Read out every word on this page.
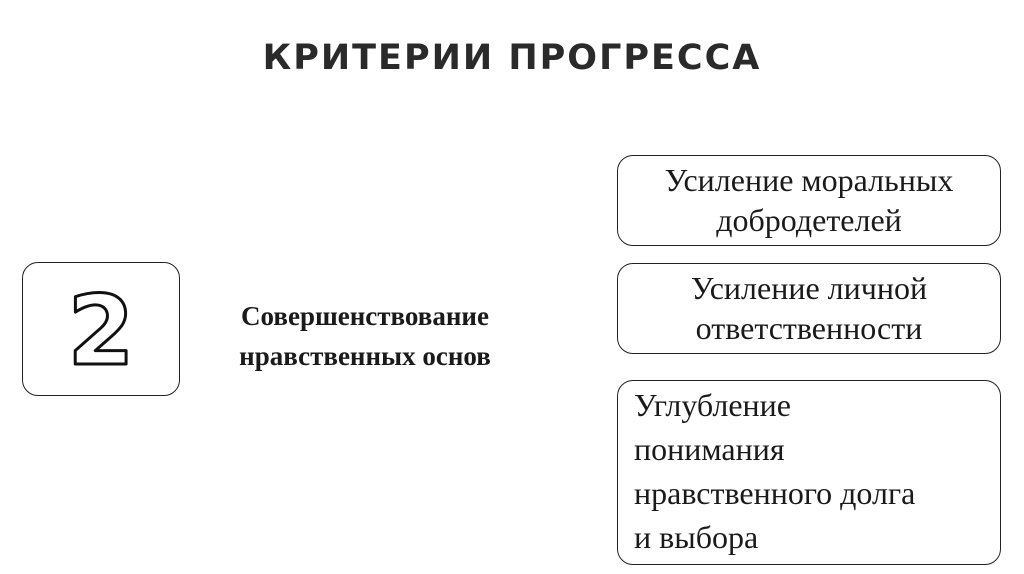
КРИТЕРИИ ПРОГРЕССА
2	Совершенствование
нравственных основ
Усиление моральных
добродетелей
Усиление личной
ответственности
Углубление
понимания
нравственного долга
и выбора
